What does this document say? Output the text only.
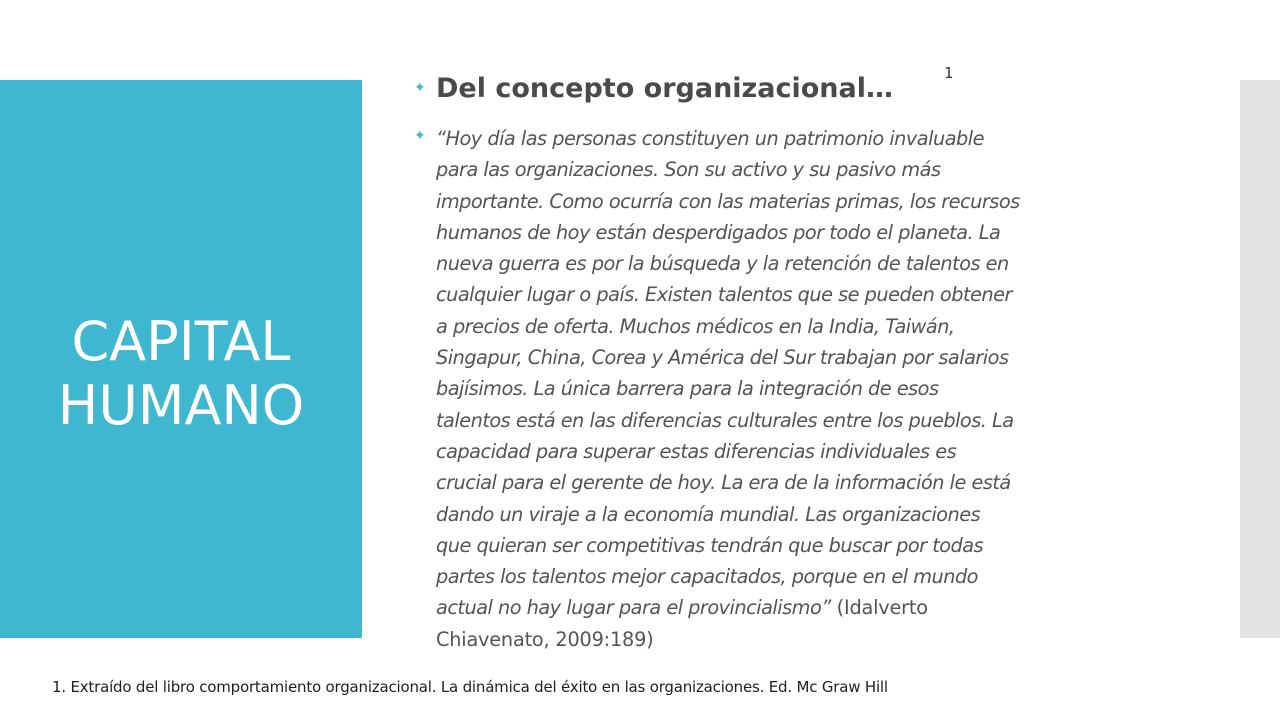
CAPITAL
HUMANO
✦ Del concepto organizacional…	1
✦ “Hoy día las personas constituyen un patrimonio invaluable
para las organizaciones. Son su activo y su pasivo más
importante. Como ocurría con las materias primas, los recursos
humanos de hoy están desperdigados por todo el planeta. La
nueva guerra es por la búsqueda y la retención de talentos en
cualquier lugar o país. Existen talentos que se pueden obtener
a precios de oferta. Muchos médicos en la India, Taiwán,
Singapur, China, Corea y América del Sur trabajan por salarios
bajísimos. La única barrera para la integración de esos
talentos está en las diferencias culturales entre los pueblos. La
capacidad para superar estas diferencias individuales es
crucial para el gerente de hoy. La era de la información le está
dando un viraje a la economía mundial. Las organizaciones
que quieran ser competitivas tendrán que buscar por todas
partes los talentos mejor capacitados, porque en el mundo
actual no hay lugar para el provincialismo” (Idalverto
Chiavenato, 2009:189)
1. Extraído del libro comportamiento organizacional. La dinámica del éxito en las organizaciones. Ed. Mc Graw Hill
